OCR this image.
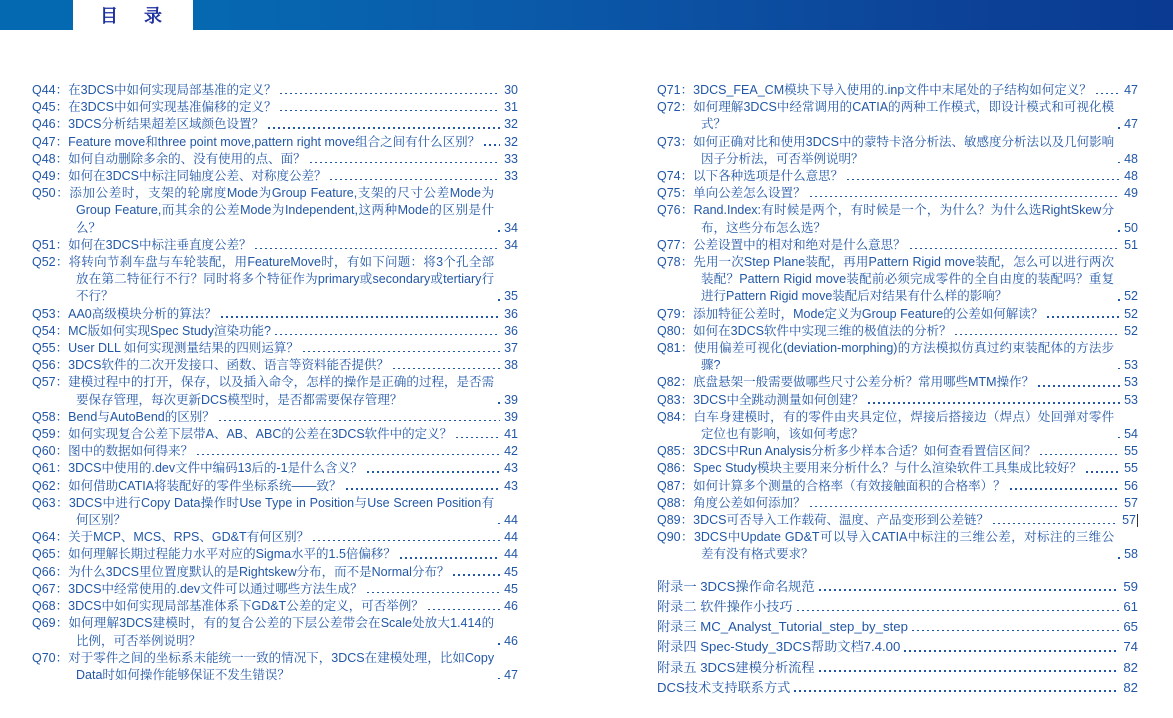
目　录
Q44：在3DCS中如何实现局部基准的定义？	30
Q45：在3DCS中如何实现基准偏移的定义？	31
Q46：3DCS分析结果超差区域颜色设置？	32
Q47：Feature move和three point move,pattern right move组合之间有什么区别？ 32
Q48：如何自动删除多余的、没有使用的点、面？	33
Q49：如何在3DCS中标注同轴度公差、对称度公差？	33
Q50：添加公差时，支架的轮廓度Mode为Group Feature,支架的尺寸公差Mode为Group Feature,而其余的公差Mode为Independent,这两种Mode的区别是什么？	34
Q51：如何在3DCS中标注垂直度公差？	34
Q52：将转向节刹车盘与车轮装配，用FeatureMove时，有如下问题：将3个孔全部放在第二特征行不行？同时将多个特征作为primary或secondary或tertiary行不行？	35
Q53：AA0高级模块分析的算法？	36
Q54：MC版如何实现Spec Study渲染功能?	36
Q55：User DLL 如何实现测量结果的四则运算？	37
Q56：3DCS软件的二次开发接口、函数、语言等资料能否提供？	38
Q57：建模过程中的打开，保存，以及插入命令，怎样的操作是正确的过程，是否需要保存管理，每次更新DCS模型时，是否都需要保存管理？	39
Q58：Bend与AutoBend的区别？	39
Q59：如何实现复合公差下层带A、AB、ABC的公差在3DCS软件中的定义？	41
Q60：图中的数据如何得来？	42
Q61：3DCS中使用的.dev文件中编码13后的-1是什么含义？	43
Q62：如何借助CATIA将装配好的零件坐标系统——致？	43
Q63：3DCS中进行Copy Data操作时Use Type in Position与Use Screen Position有何区别？	44
Q64：关于MCP、MCS、RPS、GD&T有何区别？	44
Q65：如何理解长期过程能力水平对应的Sigma水平的1.5倍偏移？	44
Q66：为什么3DCS里位置度默认的是Rightskew分布，而不是Normal分布？	45
Q67：3DCS中经常使用的.dev文件可以通过哪些方法生成？	45
Q68：3DCS中如何实现局部基准体系下GD&T公差的定义，可否举例？	46
Q69：如何理解3DCS建模时，有的复合公差的下层公差带会在Scale处放大1.414的比例，可否举例说明？	46
Q70：对于零件之间的坐标系未能统一一致的情况下，3DCS在建模处理，比如Copy Data时如何操作能够保证不发生错误？	47
Q71：3DCS_FEA_CM模块下导入使用的.inp文件中末尾处的子结构如何定义？	47
Q72：如何理解3DCS中经常调用的CATIA的两种工作模式，即设计模式和可视化模式？	47
Q73：如何正确对比和使用3DCS中的蒙特卡洛分析法、敏感度分析法以及几何影响因子分析法，可否举例说明？	48
Q74：以下各种选项是什么意思？	48
Q75：单向公差怎么设置？	49
Q76：Rand.Index:有时候是两个，有时候是一个，为什么？为什么选RightSkew分布，这些分布怎么选？	50
Q77：公差设置中的相对和绝对是什么意思？	51
Q78：先用一次Step Plane装配，再用Pattern Rigid move装配，怎么可以进行两次装配？Pattern Rigid move装配前必须完成零件的全自由度的装配吗？重复进行Pattern Rigid move装配后对结果有什么样的影响？	52
Q79：添加特征公差时，Mode定义为Group Feature的公差如何解读？	52
Q80：如何在3DCS软件中实现三维的极值法的分析？	52
Q81：使用偏差可视化(deviation-morphing)的方法模拟仿真过约束装配体的方法步骤?	53
Q82：底盘悬架一般需要做哪些尺寸公差分析？常用哪些MTM操作？	53
Q83：3DCS中全跳动测量如何创建？	53
Q84：白车身建模时，有的零件由夹具定位，焊接后搭接边（焊点）处回弹对零件定位也有影响，该如何考虑？	54
Q85：3DCS中Run Analysis分析多少样本合适？如何查看置信区间？	55
Q86：Spec Study模块主要用来分析什么？与什么渲染软件工具集成比较好？	55
Q87：如何计算多个测量的合格率（有效接触面积的合格率）？	56
Q88：角度公差如何添加？	57
Q89：3DCS可否导入工作载荷、温度、产品变形到公差链？	57
Q90：3DCS中Update GD&T可以导入CATIA中标注的三维公差，对标注的三维公差有没有格式要求？	58
附录一 3DCS操作命名规范	59
附录二 软件操作小技巧	61
附录三 MC_Analyst_Tutorial_step_by_step	65
附录四 Spec-Study_3DCS帮助文档7.4.00	74
附录五 3DCS建模分析流程	82
DCS技术支持联系方式	82
